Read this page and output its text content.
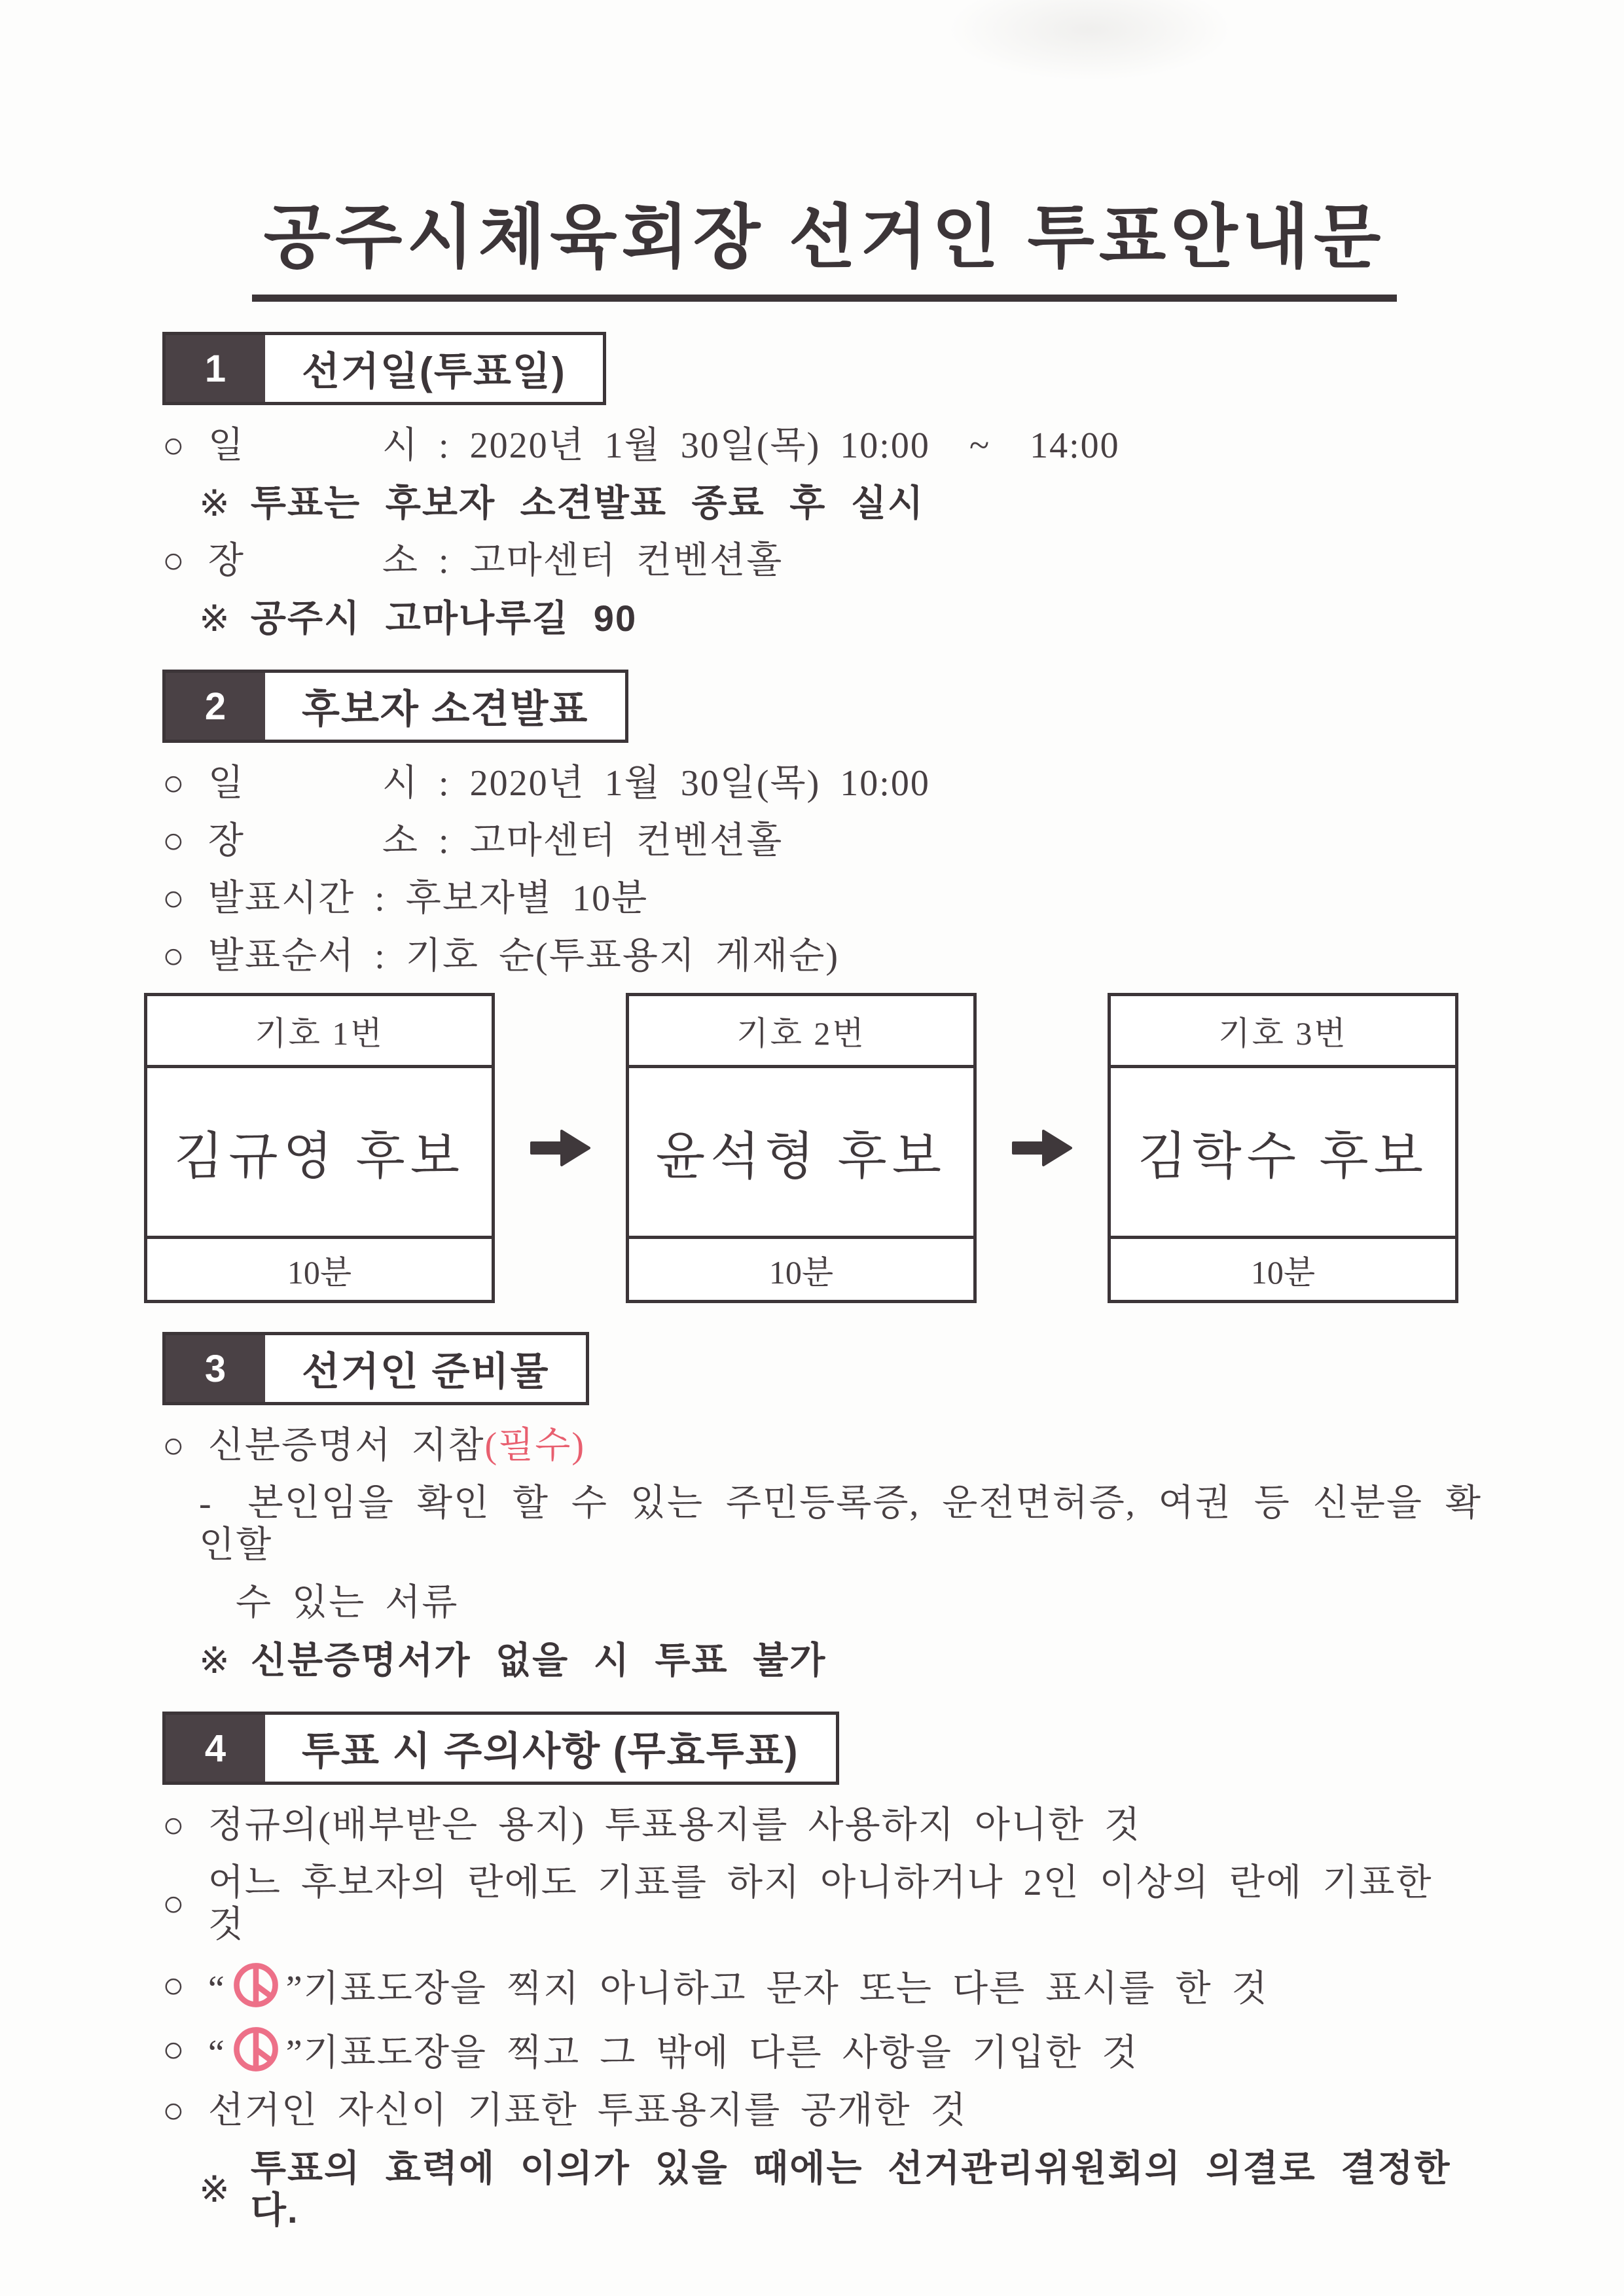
공주시체육회장 선거인 투표안내문
1	선거일(투표일)
○ 일       시 : 2020년 1월 30일(목) 10:00  ~  14:00
※ 투표는 후보자 소견발표 종료 후 실시
○ 장       소 : 고마센터 컨벤션홀
※ 공주시 고마나루길 90
2	후보자 소견발표
○ 일       시 : 2020년 1월 30일(목) 10:00
○ 장       소 : 고마센터 컨벤션홀
○ 발표시간 : 후보자별 10분
○ 발표순서 : 기호 순(투표용지 게재순)
기호 1번
김규영 후보
10분
기호 2번
윤석형 후보
10분
기호 3번
김학수 후보
10분
3	선거인 준비물
○ 신분증명서 지참(필수)
- 본인임을 확인 할 수 있는 주민등록증, 운전면허증, 여권 등 신분을 확인할
수 있는 서류
※ 신분증명서가 없을 시 투표 불가
4	투표 시 주의사항 (무효투표)
○ 정규의(배부받은 용지) 투표용지를 사용하지 아니한 것
○
어느 후보자의 란에도 기표를 하지 아니하거나 2인 이상의 란에 기표한 것
○ “ ”기표도장을 찍지 아니하고 문자 또는 다른 표시를 한 것
○ “ ”기표도장을 찍고 그 밖에 다른 사항을 기입한 것
○ 선거인 자신이 기표한 투표용지를 공개한 것
※
투표의 효력에 이의가 있을 때에는 선거관리위원회의 의결로 결정한다.
